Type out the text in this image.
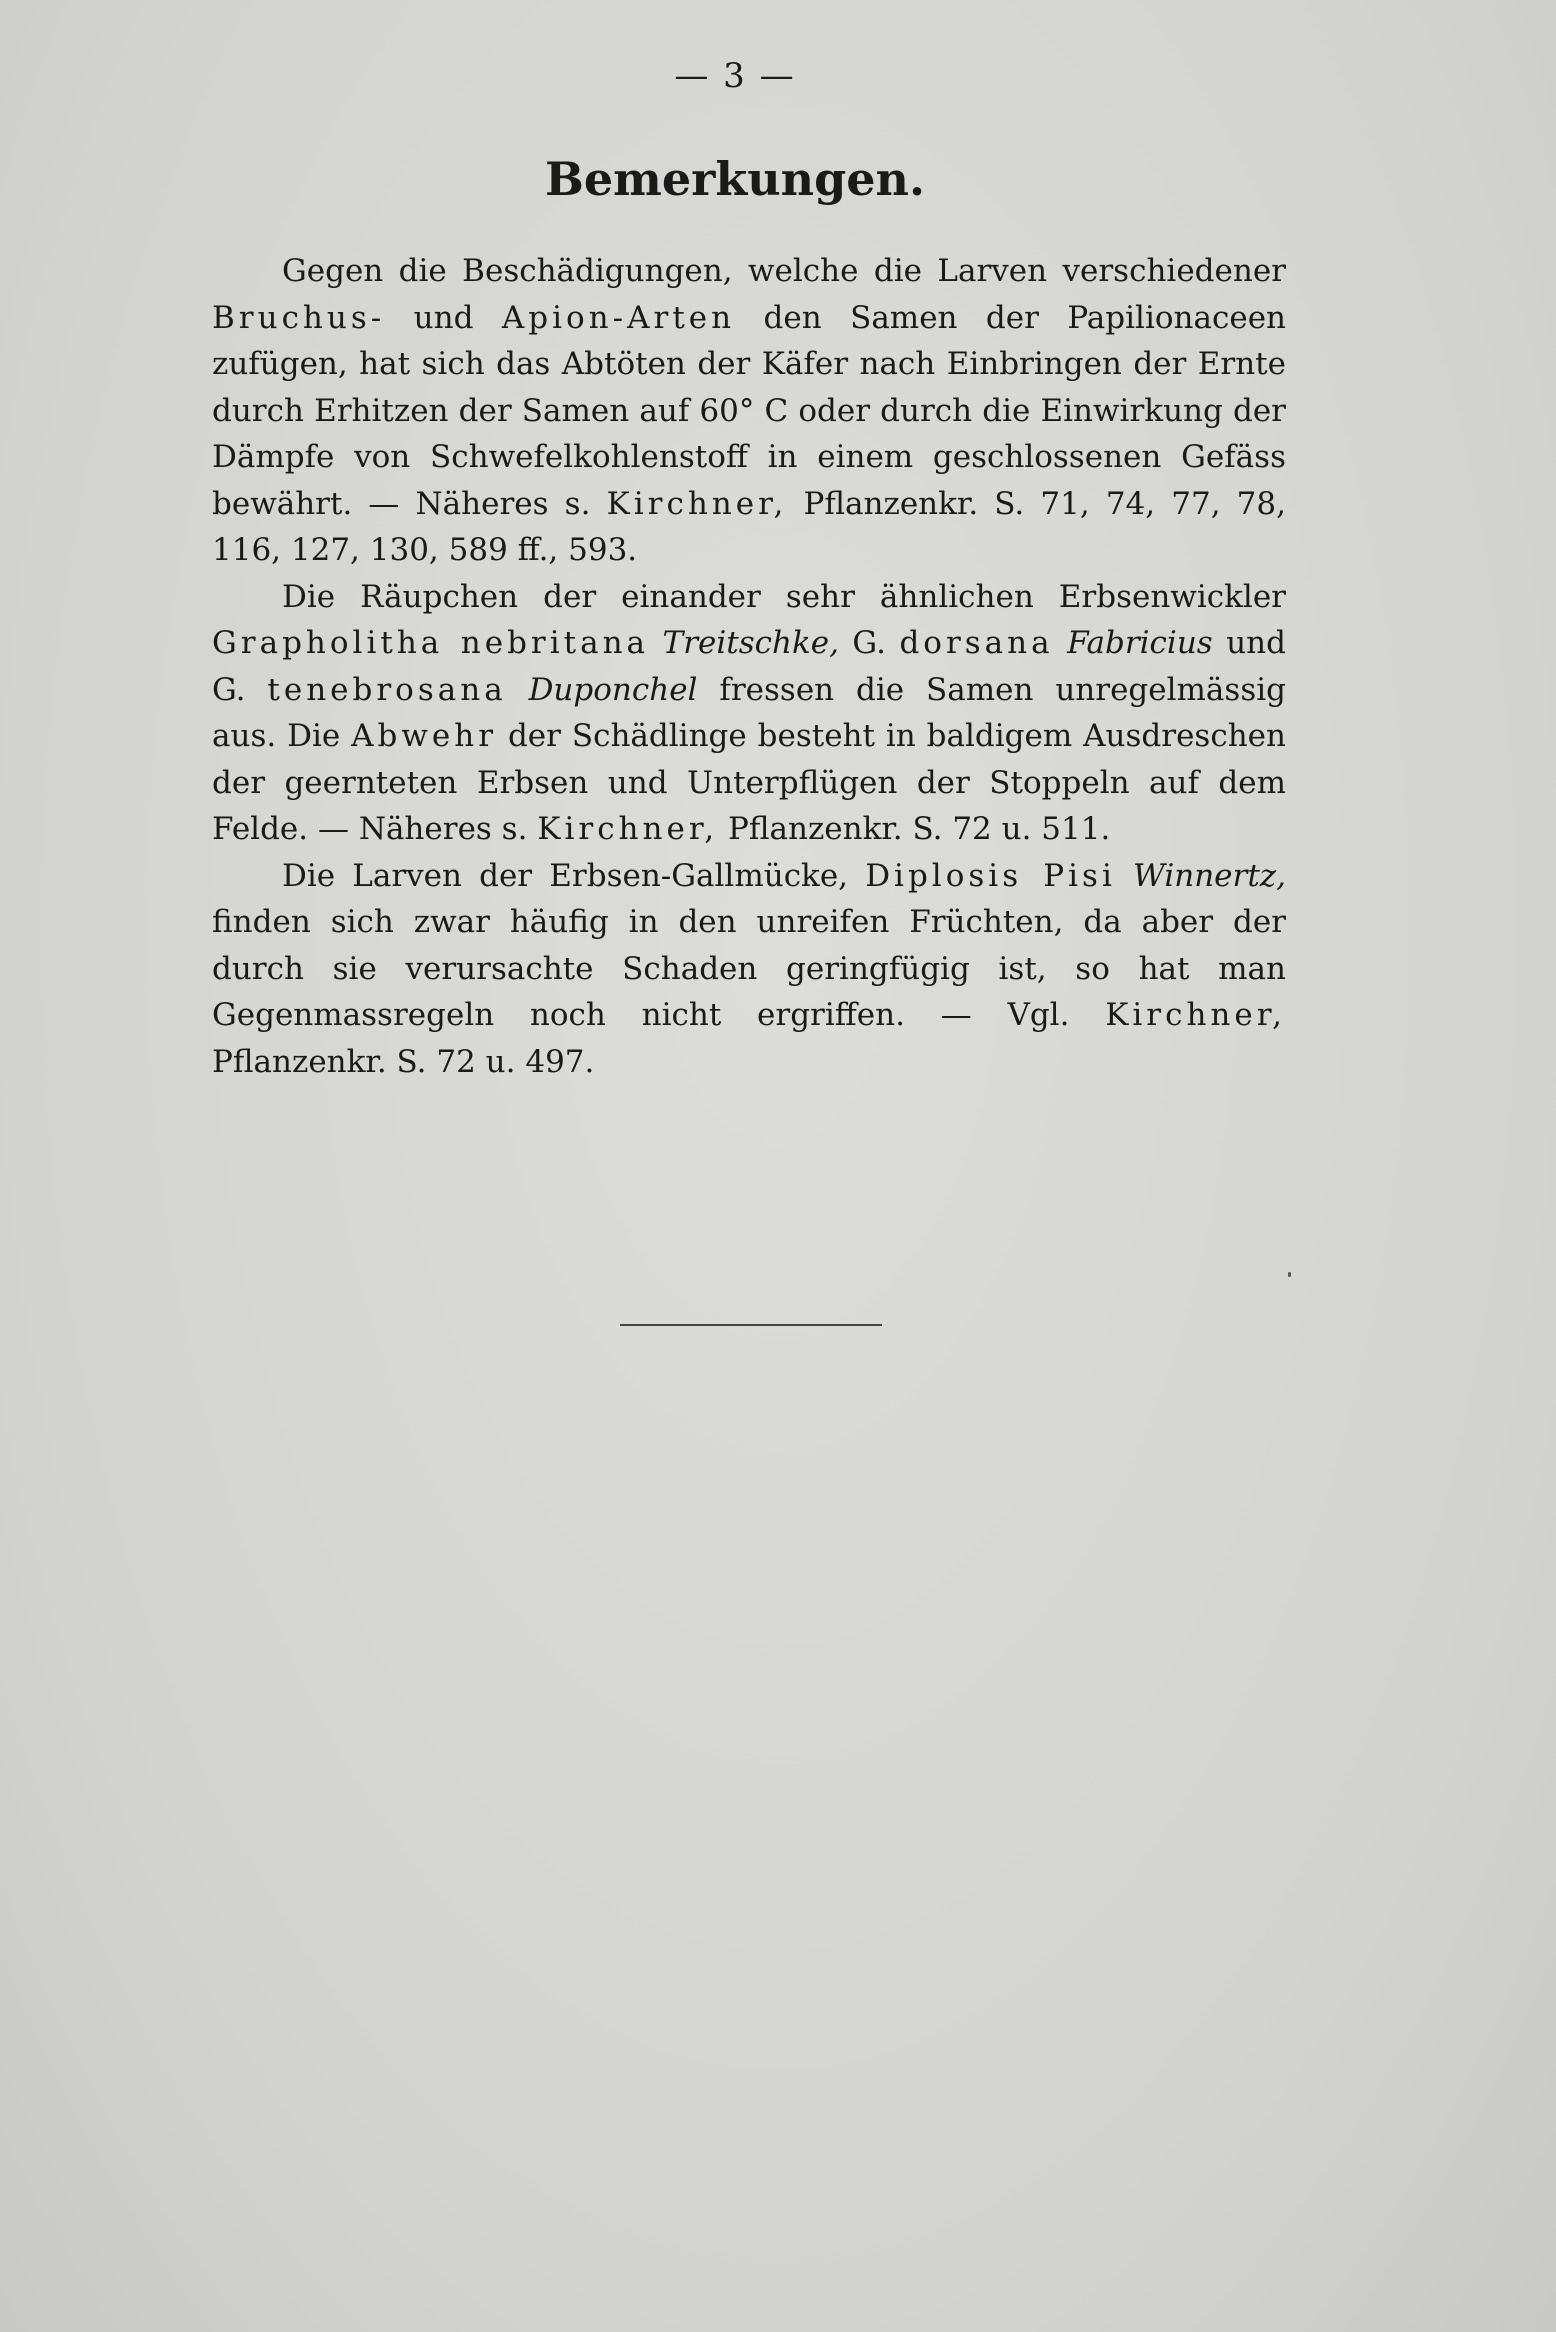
— 3 —
Bemerkungen.

Gegen die Beschädigungen, welche die Larven verschiedener Bruchus- und Apion-Arten den Samen der Papilionaceen zufügen, hat sich das Abtöten der Käfer nach Einbringen der Ernte durch Erhitzen der Samen auf 60° C oder durch die Einwirkung der Dämpfe von Schwefelkohlenstoff in einem geschlossenen Gefäss bewährt. — Näheres s. Kirchner, Pflanzenkr. S. 71, 74, 77, 78, 116, 127, 130, 589 ff., 593.

Die Räupchen der einander sehr ähnlichen Erbsenwickler Grapholitha nebritana Treitschke, G. dorsana Fabricius und G. tenebrosana Duponchel fressen die Samen unregelmässig aus. Die Abwehr der Schädlinge besteht in baldigem Ausdreschen der geernteten Erbsen und Unterpflügen der Stoppeln auf dem Felde. — Näheres s. Kirchner, Pflanzenkr. S. 72 u. 511.

Die Larven der Erbsen-Gallmücke, Diplosis Pisi Winnertz, finden sich zwar häufig in den unreifen Früchten, da aber der durch sie verursachte Schaden geringfügig ist, so hat man Gegenmassregeln noch nicht ergriffen. — Vgl. Kirchner, Pflanzenkr. S. 72 u. 497.
